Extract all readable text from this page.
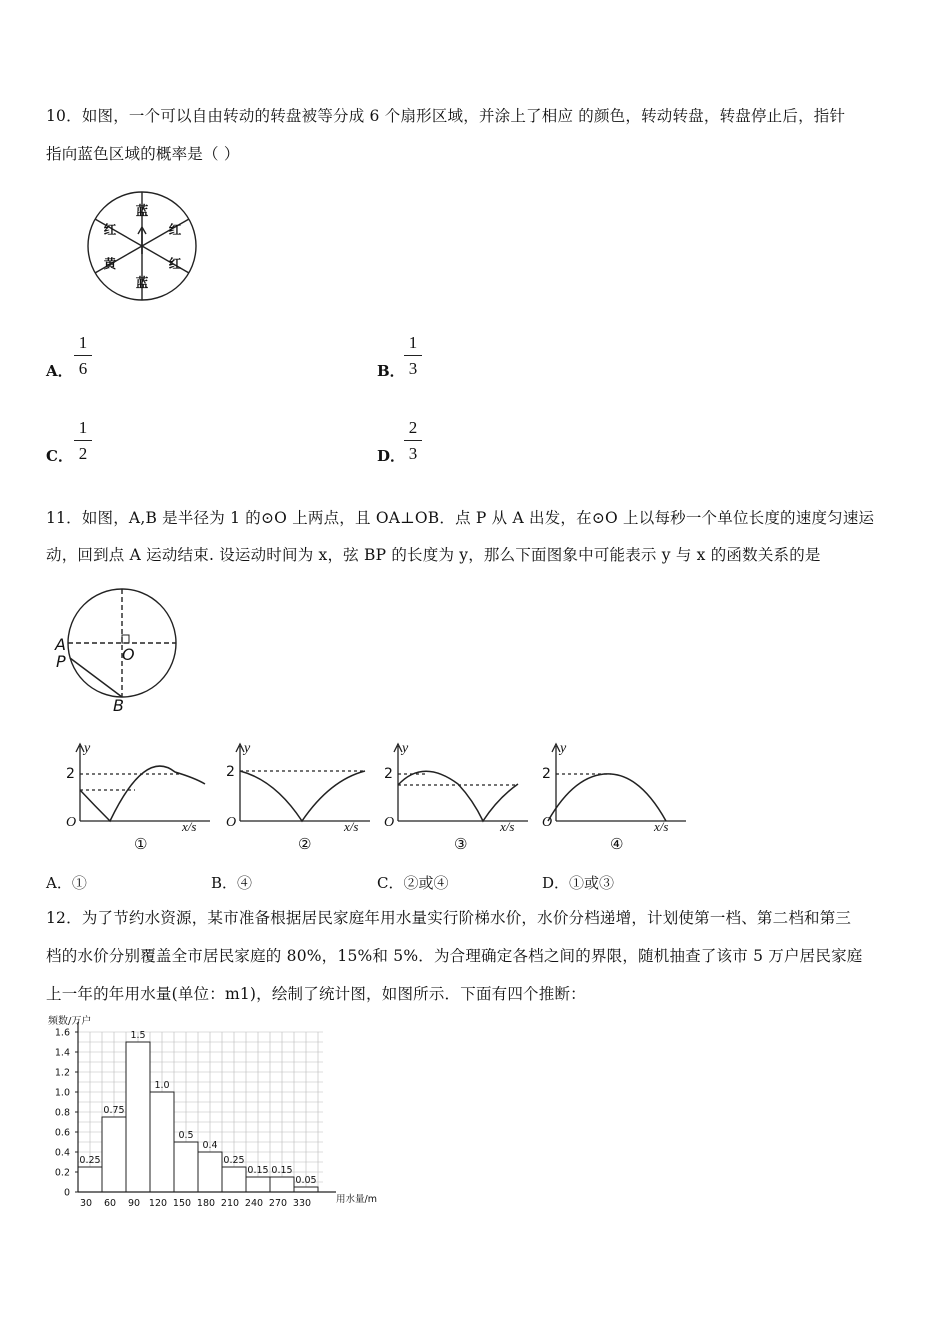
10．如图，一个可以自由转动的转盘被等分成 6 个扇形区域，并涂上了相应 的颜色，转动转盘，转盘停止后，指针
指向蓝色区域的概率是（ ）
蓝
红
红
蓝
黄
红
A． $\frac{1}{6}$	B． $\frac{1}{3}$
C． $\frac{1}{2}$	D．
$\frac{2}{3}$
11．如图，A,B 是半径为 1 的⊙O 上两点，且 OA⊥OB．点 P 从 A 出发，在⊙O 上以每秒一个单位长度的速度匀速运
动，回到点 A 运动结束. 设运动时间为 x，弦 BP 的长度为 y，那么下面图象中可能表示 y 与 x 的函数关系的是
A
P	O
B
y
2
O	x/s
①
y
2
O	x/s
②
y
2
O	x/s
③
y
2
O	x/s
④
A．①	B．④	C．②或④	D．①或③
12．为了节约水资源，某市准备根据居民家庭年用水量实行阶梯水价，水价分档递增，计划使第一档、第二档和第三
档的水价分别覆盖全市居民家庭的 80%，15%和 5%．为合理确定各档之间的界限，随机抽查了该市 5 万户居民家庭
上一年的年用水量(单位：m1)，绘制了统计图，如图所示．下面有四个推断：
0.25
0.75
1.5
1.0
0.5
0.4
0.25
0.15 0.15
0.05
0
0.2
0.4
0.6
0.8
1.0
1.2
1.4
1.6
30 60 90 120 150 180 210 240 270 330
频数/万户
用水量/m
